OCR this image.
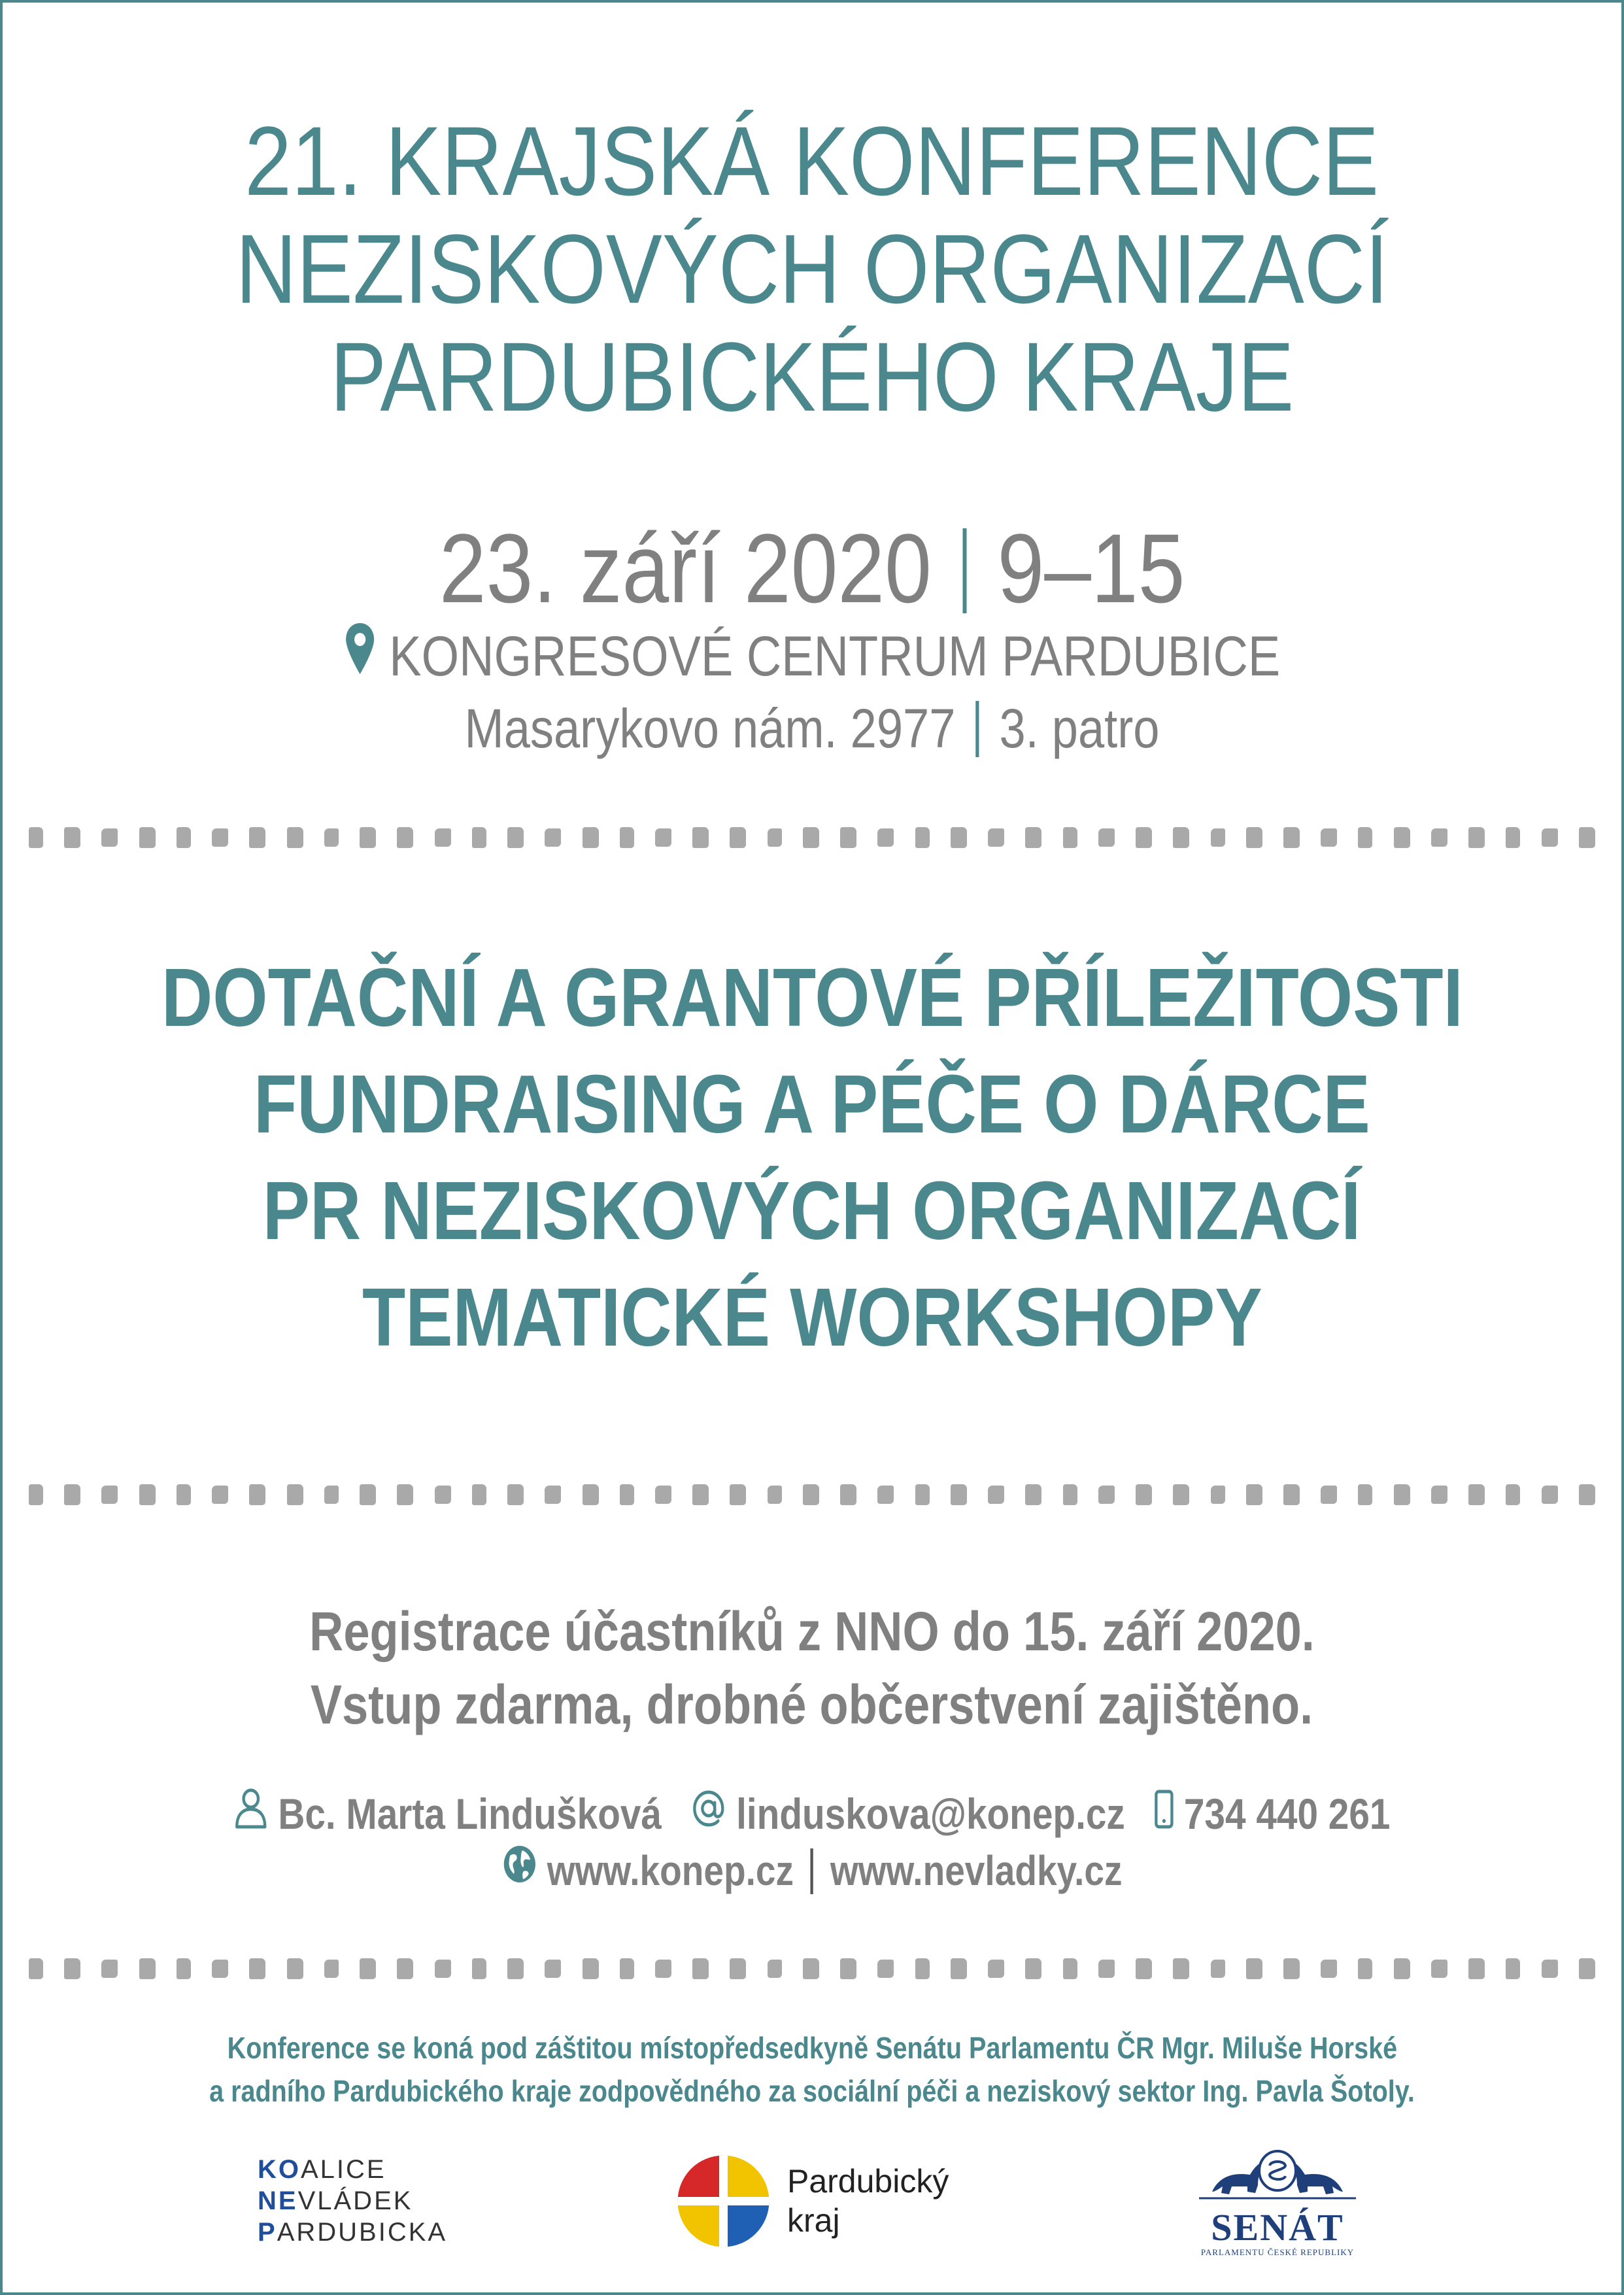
21. KRAJSKÁ KONFERENCE
NEZISKOVÝCH ORGANIZACÍ
PARDUBICKÉHO KRAJE
23. září 2020 9–15
KONGRESOVÉ CENTRUM PARDUBICE
Masarykovo nám. 2977 3. patro
DOTAČNÍ A GRANTOVÉ PŘÍLEŽITOSTI
FUNDRAISING A PÉČE O DÁRCE
PR NEZISKOVÝCH ORGANIZACÍ
TEMATICKÉ WORKSHOPY
Registrace účastníků z NNO do 15. září 2020.
Vstup zdarma, drobné občerstvení zajištěno.
Bc. Marta Lindušková linduskova@konep.cz 734 440 261
www.konep.cz www.nevladky.cz
Konference se koná pod záštitou místopředsedkyně Senátu Parlamentu ČR Mgr. Miluše Horské
a radního Pardubického kraje zodpovědného za sociální péči a neziskový sektor Ing. Pavla Šotoly.
KOALICE
NEVLÁDEK
PARDUBICKA
Pardubický
kraj	SENÁT
PARLAMENTU ČESKÉ REPUBLIKY
